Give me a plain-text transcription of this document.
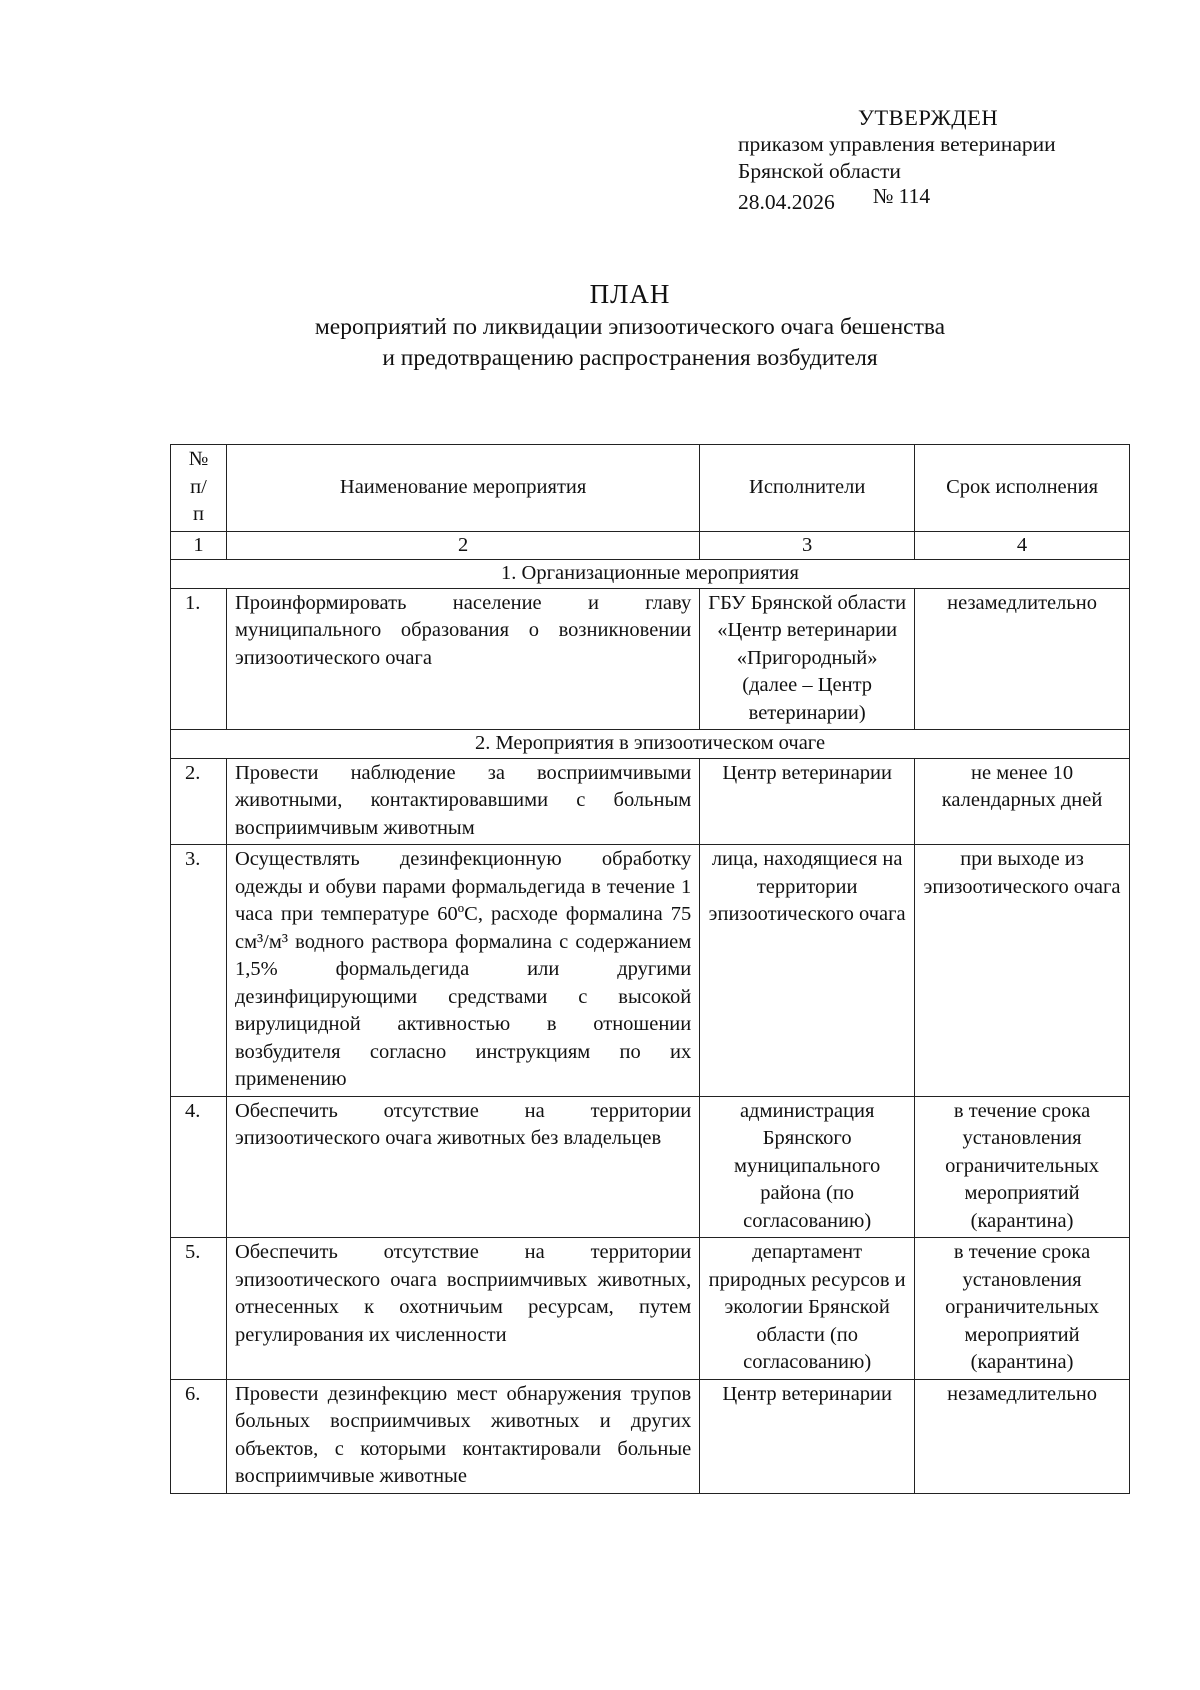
УТВЕРЖДЕН
приказом управления ветеринарии
Брянской области
28.04.2026 № 114
ПЛАН
мероприятий по ликвидации эпизоотического очага бешенства
и предотвращению распространения возбудителя
№ п/п	Наименование мероприятия	Исполнители	Срок исполнения
1	2	3	4
1. Организационные мероприятия			
1.	Проинформировать население и главу муниципального образования о возникновении эпизоотического очага	ГБУ Брянской области «Центр ветеринарии «Пригородный» (далее – Центр ветеринарии)	незамедлительно
2. Мероприятия в эпизоотическом очаге			
2.	Провести наблюдение за восприимчивыми животными, контактировавшими с больным восприимчивым животным	Центр ветеринарии	не менее 10 календарных дней
3.	Осуществлять дезинфекционную обработку одежды и обуви парами формальдегида в течение 1 часа при температуре 60ºC, расходе формалина 75 см³/м³ водного раствора формалина с содержанием 1,5% формальдегида или другими дезинфицирующими средствами с высокой вирулицидной активностью в отношении возбудителя согласно инструкциям по их применению	лица, находящиеся на территории эпизоотического очага	при выходе из эпизоотического очага
4.	Обеспечить отсутствие на территории эпизоотического очага животных без владельцев	администрация Брянского муниципального района (по согласованию)	в течение срока установления ограничительных мероприятий (карантина)
5.	Обеспечить отсутствие на территории эпизоотического очага восприимчивых животных, отнесенных к охотничьим ресурсам, путем регулирования их численности	департамент природных ресурсов и экологии Брянской области (по согласованию)	в течение срока установления ограничительных мероприятий (карантина)
6.	Провести дезинфекцию мест обнаружения трупов больных восприимчивых животных и других объектов, с которыми контактировали больные восприимчивые животные	Центр ветеринарии	незамедлительно
